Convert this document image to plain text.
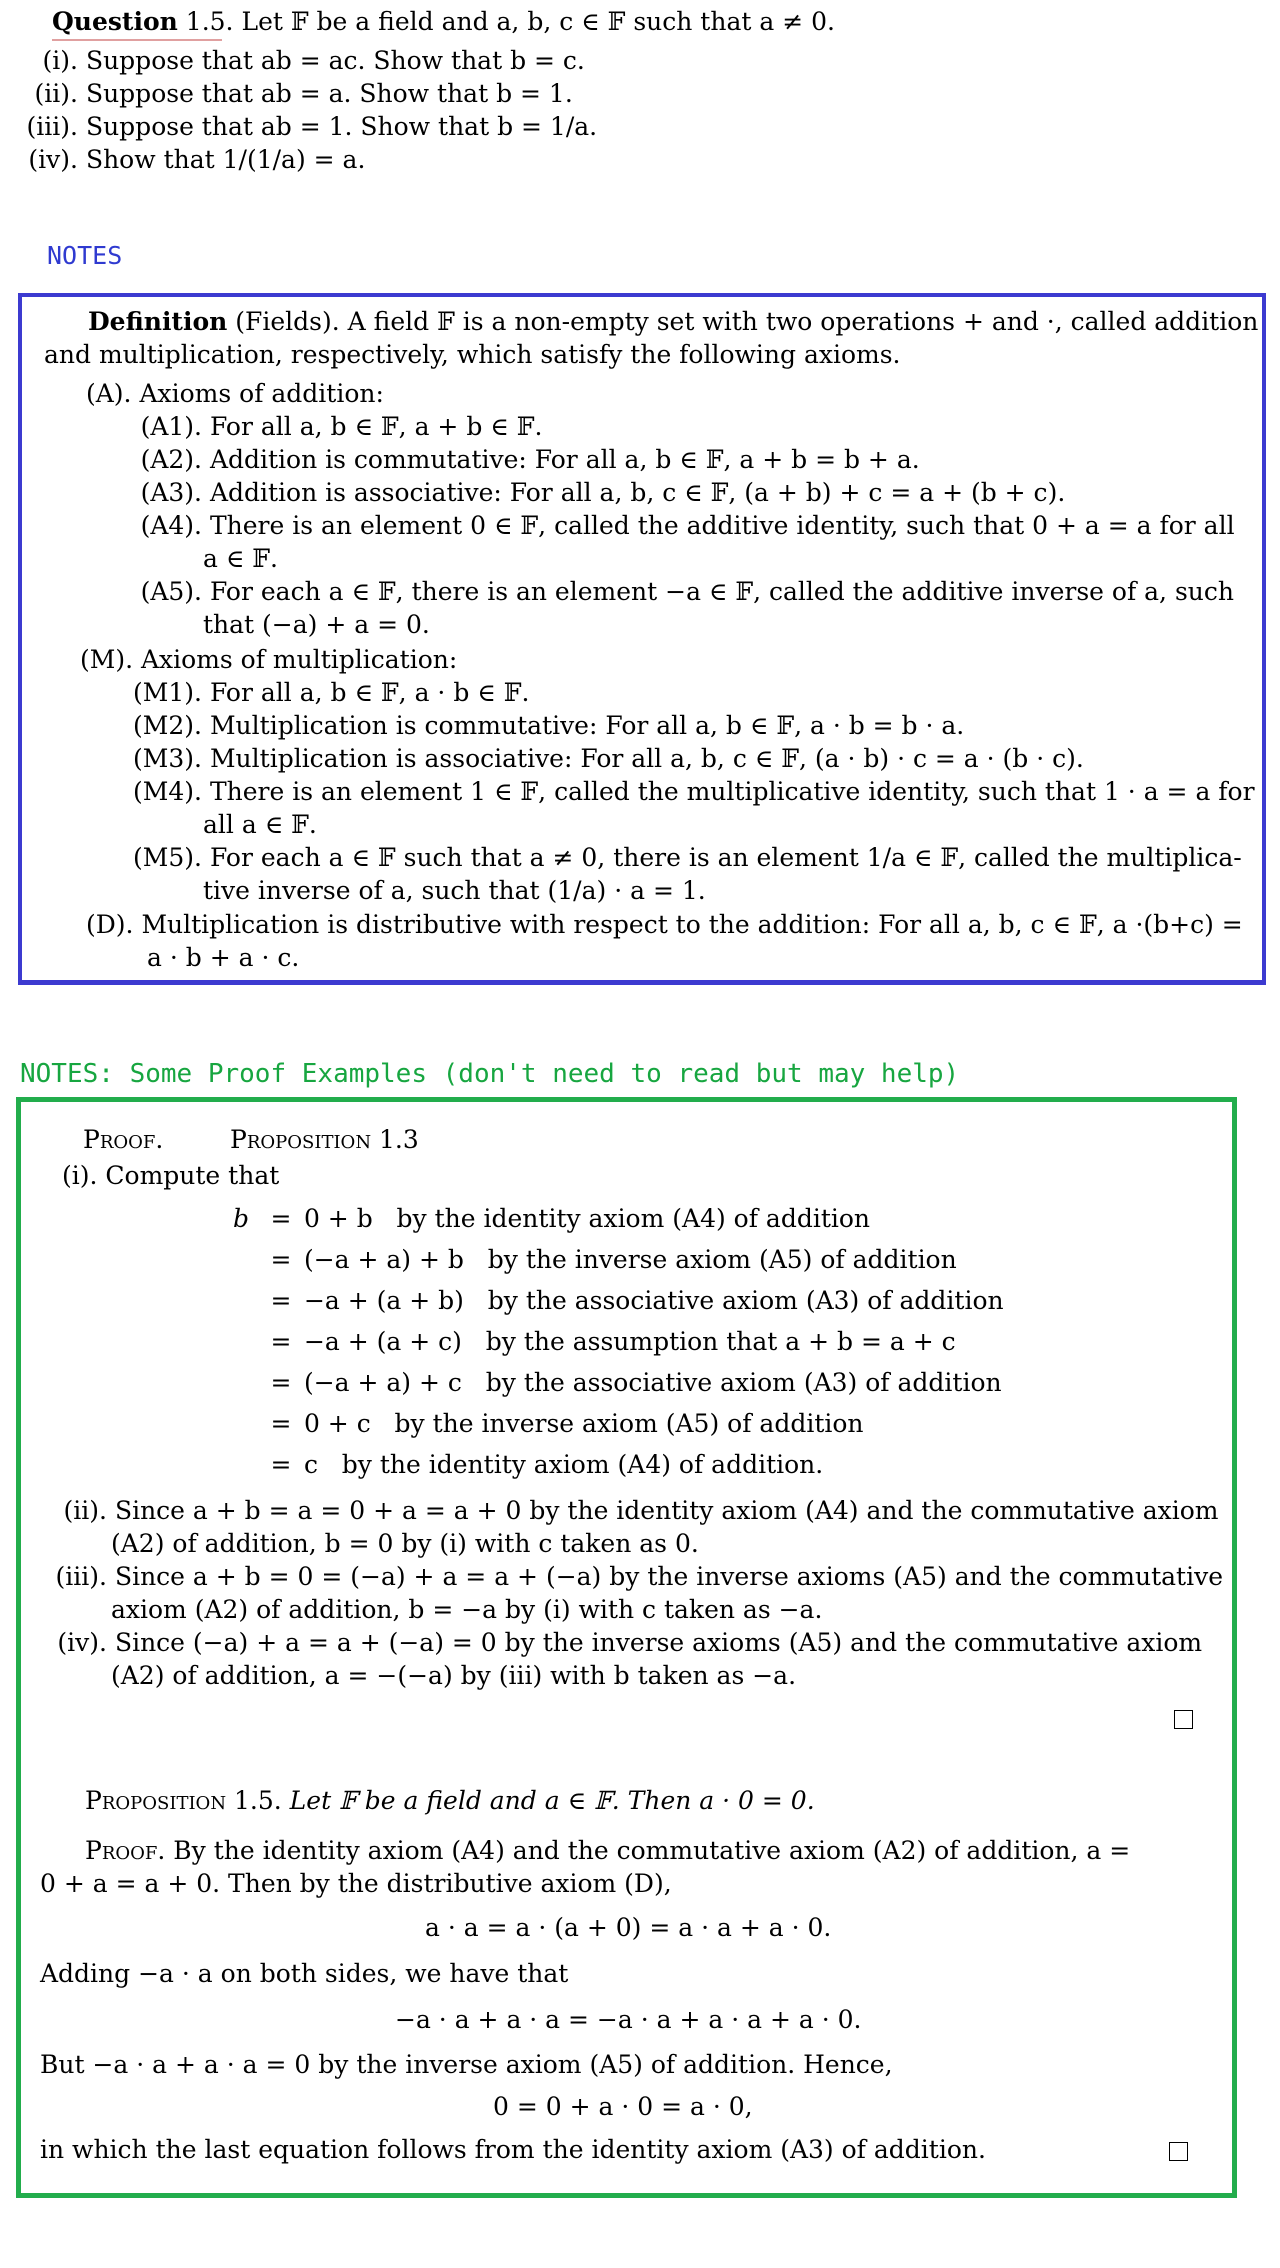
Question 1.5. Let 𝔽 be a field and a, b, c ∈ 𝔽 such that a ≠ 0.
(i). Suppose that ab = ac. Show that b = c.
(ii). Suppose that ab = a. Show that b = 1.
(iii). Suppose that ab = 1. Show that b = 1/a.
(iv). Show that 1/(1/a) = a.
NOTES
Definition (Fields). A field 𝔽 is a non-empty set with two operations + and ·, called addition
and multiplication, respectively, which satisfy the following axioms.
(A). Axioms of addition:
(A1). For all a, b ∈ 𝔽, a + b ∈ 𝔽.
(A2). Addition is commutative: For all a, b ∈ 𝔽, a + b = b + a.
(A3). Addition is associative: For all a, b, c ∈ 𝔽, (a + b) + c = a + (b + c).
(A4). There is an element 0 ∈ 𝔽, called the additive identity, such that 0 + a = a for all
a ∈ 𝔽.
(A5). For each a ∈ 𝔽, there is an element −a ∈ 𝔽, called the additive inverse of a, such
that (−a) + a = 0.
(M). Axioms of multiplication:
(M1). For all a, b ∈ 𝔽, a · b ∈ 𝔽.
(M2). Multiplication is commutative: For all a, b ∈ 𝔽, a · b = b · a.
(M3). Multiplication is associative: For all a, b, c ∈ 𝔽, (a · b) · c = a · (b · c).
(M4). There is an element 1 ∈ 𝔽, called the multiplicative identity, such that 1 · a = a for
all a ∈ 𝔽.
(M5). For each a ∈ 𝔽 such that a ≠ 0, there is an element 1/a ∈ 𝔽, called the multiplica-
tive inverse of a, such that (1/a) · a = 1.
(D). Multiplication is distributive with respect to the addition: For all a, b, c ∈ 𝔽, a ·(b+c) =
a · b + a · c.
NOTES: Some Proof Examples (don't need to read but may help)
Proof.	Proposition 1.3
(i). Compute that
b = 0 + b   by the identity axiom (A4) of addition
= (−a + a) + b   by the inverse axiom (A5) of addition
= −a + (a + b)   by the associative axiom (A3) of addition
= −a + (a + c)   by the assumption that a + b = a + c
= (−a + a) + c   by the associative axiom (A3) of addition
= 0 + c   by the inverse axiom (A5) of addition
= c   by the identity axiom (A4) of addition.
(ii). Since a + b = a = 0 + a = a + 0 by the identity axiom (A4) and the commutative axiom
(A2) of addition, b = 0 by (i) with c taken as 0.
(iii). Since a + b = 0 = (−a) + a = a + (−a) by the inverse axioms (A5) and the commutative
axiom (A2) of addition, b = −a by (i) with c taken as −a.
(iv). Since (−a) + a = a + (−a) = 0 by the inverse axioms (A5) and the commutative axiom
(A2) of addition, a = −(−a) by (iii) with b taken as −a.
Proposition 1.5. Let 𝔽 be a field and a ∈ 𝔽. Then a · 0 = 0.
Proof. By the identity axiom (A4) and the commutative axiom (A2) of addition, a =
0 + a = a + 0. Then by the distributive axiom (D),
a · a = a · (a + 0) = a · a + a · 0.
Adding −a · a on both sides, we have that
−a · a + a · a = −a · a + a · a + a · 0.
But −a · a + a · a = 0 by the inverse axiom (A5) of addition. Hence,
0 = 0 + a · 0 = a · 0,
in which the last equation follows from the identity axiom (A3) of addition.
